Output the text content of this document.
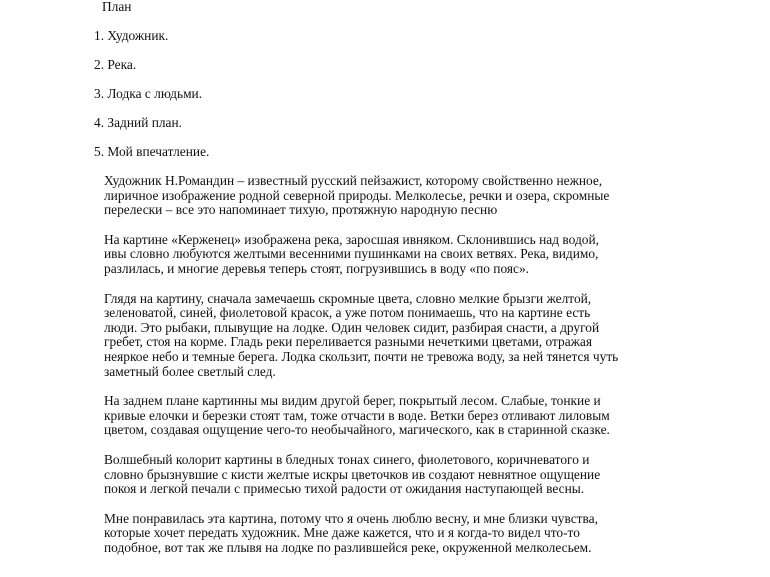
План

1. Художник.
2. Река.
3. Лодка с людьми.
4. Задний план.
5. Мой впечатление.

Художник Н.Романдин – известный русский пейзажист, которому свойственно нежное,
лиричное изображение родной северной природы. Мелколесье, речки и озера, скромные
перелески – все это напоминает тихую, протяжную народную песню

На картине «Керженец» изображена река, заросшая ивняком. Склонившись над водой,
ивы словно любуются желтыми весенними пушинками на своих ветвях. Река, видимо,
разлилась, и многие деревья теперь стоят, погрузившись в воду «по пояс».

Глядя на картину, сначала замечаешь скромные цвета, словно мелкие брызги желтой,
зеленоватой, синей, фиолетовой красок, а уже потом понимаешь, что на картине есть
люди. Это рыбаки, плывущие на лодке. Один человек сидит, разбирая снасти, а другой
гребет, стоя на корме. Гладь реки переливается разными нечеткими цветами, отражая
неяркое небо и темные берега. Лодка скользит, почти не тревожа воду, за ней тянется чуть
заметный более светлый след.

На заднем плане картинны мы видим другой берег, покрытый лесом. Слабые, тонкие и
кривые елочки и березки стоят там, тоже отчасти в воде. Ветки берез отливают лиловым
цветом, создавая ощущение чего-то необычайного, магического, как в старинной сказке.

Волшебный колорит картины в бледных тонах синего, фиолетового, коричневатого и
словно брызнувшие с кисти желтые искры цветочков ив создают невнятное ощущение
покоя и легкой печали с примесью тихой радости от ожидания наступающей весны.

Мне понравилась эта картина, потому что я очень люблю весну, и мне близки чувства,
которые хочет передать художник. Мне даже кажется, что и я когда-то видел что-то
подобное, вот так же плывя на лодке по разлившейся реке, окруженной мелколесьем.
